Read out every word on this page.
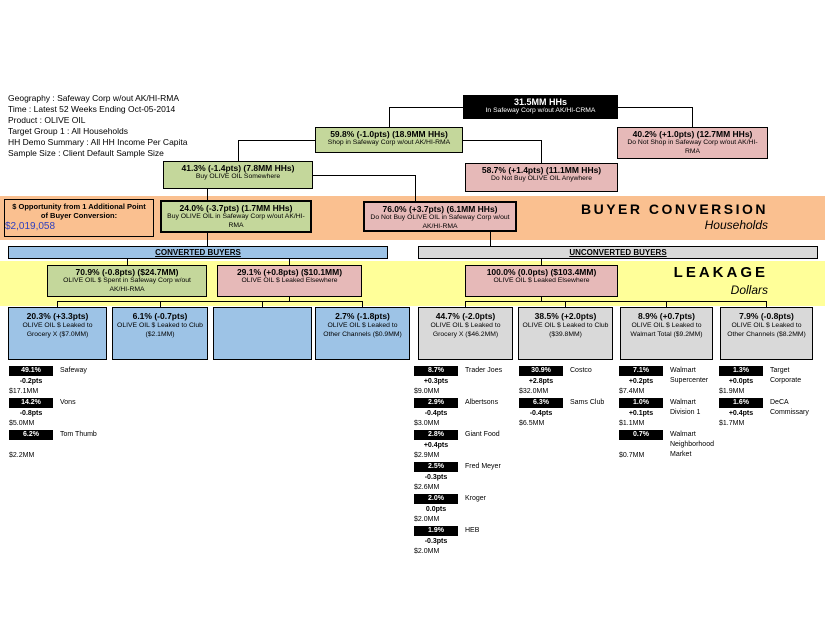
Geography : Safeway Corp w/out AK/HI-RMA
Time : Latest 52 Weeks Ending Oct-05-2014
Product : OLIVE OIL
Target Group 1 : All Households
HH Demo Summary : All HH Income Per Capita
Sample Size : Client Default Sample Size
31.5MM HHs
In Safeway Corp w/out AK/HI-CRMA
59.8% (-1.0pts) (18.9MM HHs)
Shop in Safeway Corp w/out AK/HI-RMA
40.2% (+1.0pts) (12.7MM HHs)
Do Not Shop in Safeway Corp w/out AK/HI-RMA
41.3% (-1.4pts) (7.8MM HHs)
Buy OLIVE OIL Somewhere
58.7% (+1.4pts) (11.1MM HHs)
Do Not Buy OLIVE OIL Anywhere
24.0% (-3.7pts) (1.7MM HHs)
Buy OLIVE OIL in Safeway Corp w/out AK/HI-RMA
76.0% (+3.7pts) (6.1MM HHs)
Do Not Buy OLIVE OIL in Safeway Corp w/out AK/HI-RMA
$ Opportunity from 1 Additional Point of Buyer Conversion:
$2,019,058
BUYER CONVERSION
Households
LEAKAGE
Dollars
CONVERTED BUYERS	UNCONVERTED BUYERS
70.9% (-0.8pts) ($24.7MM)
OLIVE OIL $ Spent in Safeway Corp w/out AK/HI-RMA
29.1% (+0.8pts) ($10.1MM)
OLIVE OIL $ Leaked Elsewhere
100.0% (0.0pts) ($103.4MM)
OLIVE OIL $ Leaked Elsewhere
20.3% (+3.3pts)
OLIVE OIL $ Leaked to
Grocery X ($7.0MM)
6.1% (-0.7pts)
OLIVE OIL $ Leaked to Club
($2.1MM)
2.7% (-1.8pts)
OLIVE OIL $ Leaked to
Other Channels ($0.9MM)
44.7% (-2.0pts)
OLIVE OIL $ Leaked to
Grocery X ($46.2MM)
38.5% (+2.0pts)
OLIVE OIL $ Leaked to Club
($39.8MM)
8.9% (+0.7pts)
OLIVE OIL $ Leaked to
Walmart Total ($9.2MM)
7.9% (-0.8pts)
OLIVE OIL $ Leaked to
Other Channels ($8.2MM)
49.1%
-0.2pts
$17.1MM
Safeway
14.2%
-0.8pts
$5.0MM
Vons
6.2%
$2.2MM
Tom Thumb
8.7%
+0.3pts
$9.0MM
Trader Joes
2.9%
-0.4pts
$3.0MM
Albertsons
2.8%
+0.4pts
$2.9MM
Giant Food
2.5%
-0.3pts
$2.6MM
Fred Meyer
2.0%
0.0pts
$2.0MM
Kroger
1.9%
-0.3pts
$2.0MM
HEB
30.9%
+2.8pts
$32.0MM
Costco
6.3%
-0.4pts
$6.5MM
Sams Club
7.1%
+0.2pts
$7.4MM
Walmart Supercenter
1.0%
+0.1pts
$1.1MM
Walmart Division 1
0.7%
$0.7MM
Walmart Neighborhood Market
1.3%
+0.0pts
$1.9MM
Target Corporate
1.6%
+0.4pts
$1.7MM
DeCA Commissary
